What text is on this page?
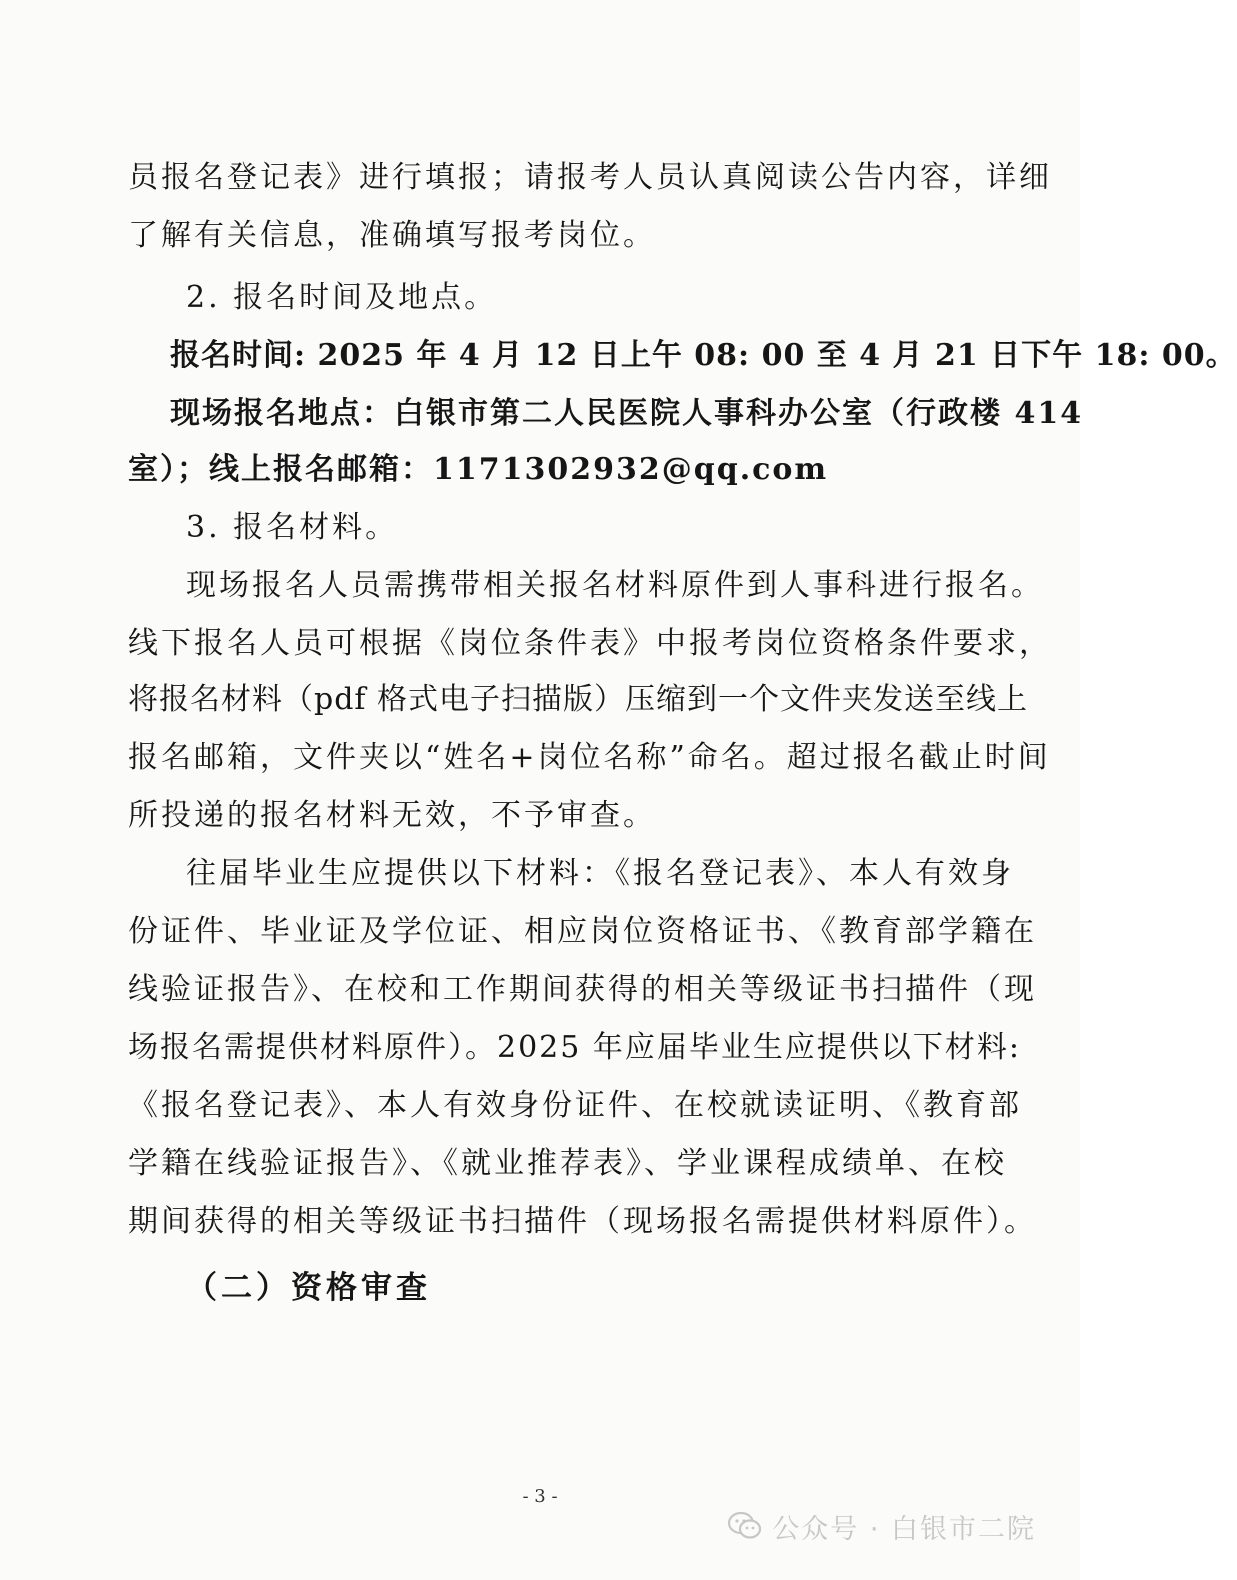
员报名登记表》进行填报；请报考人员认真阅读公告内容，详细
了解有关信息，准确填写报考岗位。
2. 报名时间及地点。
报名时间: 2025 年 4 月 12 日上午 08: 00 至 4 月 21 日下午 18: 00。
现场报名地点：白银市第二人民医院人事科办公室（行政楼 414
室）；线上报名邮箱：1171302932@qq.com
3. 报名材料。
现场报名人员需携带相关报名材料原件到人事科进行报名。
线下报名人员可根据《岗位条件表》中报考岗位资格条件要求，
将报名材料（pdf 格式电子扫描版）压缩到一个文件夹发送至线上
报名邮箱，文件夹以“姓名+岗位名称”命名。超过报名截止时间
所投递的报名材料无效，不予审查。
往届毕业生应提供以下材料：《报名登记表》、本人有效身
份证件、毕业证及学位证、相应岗位资格证书、《教育部学籍在
线验证报告》、在校和工作期间获得的相关等级证书扫描件（现
场报名需提供材料原件）。2025 年应届毕业生应提供以下材料:
《报名登记表》、本人有效身份证件、在校就读证明、《教育部
学籍在线验证报告》、《就业推荐表》、学业课程成绩单、在校
期间获得的相关等级证书扫描件（现场报名需提供材料原件）。
（二）资格审查
- 3 -
公众号 · 白银市二院
